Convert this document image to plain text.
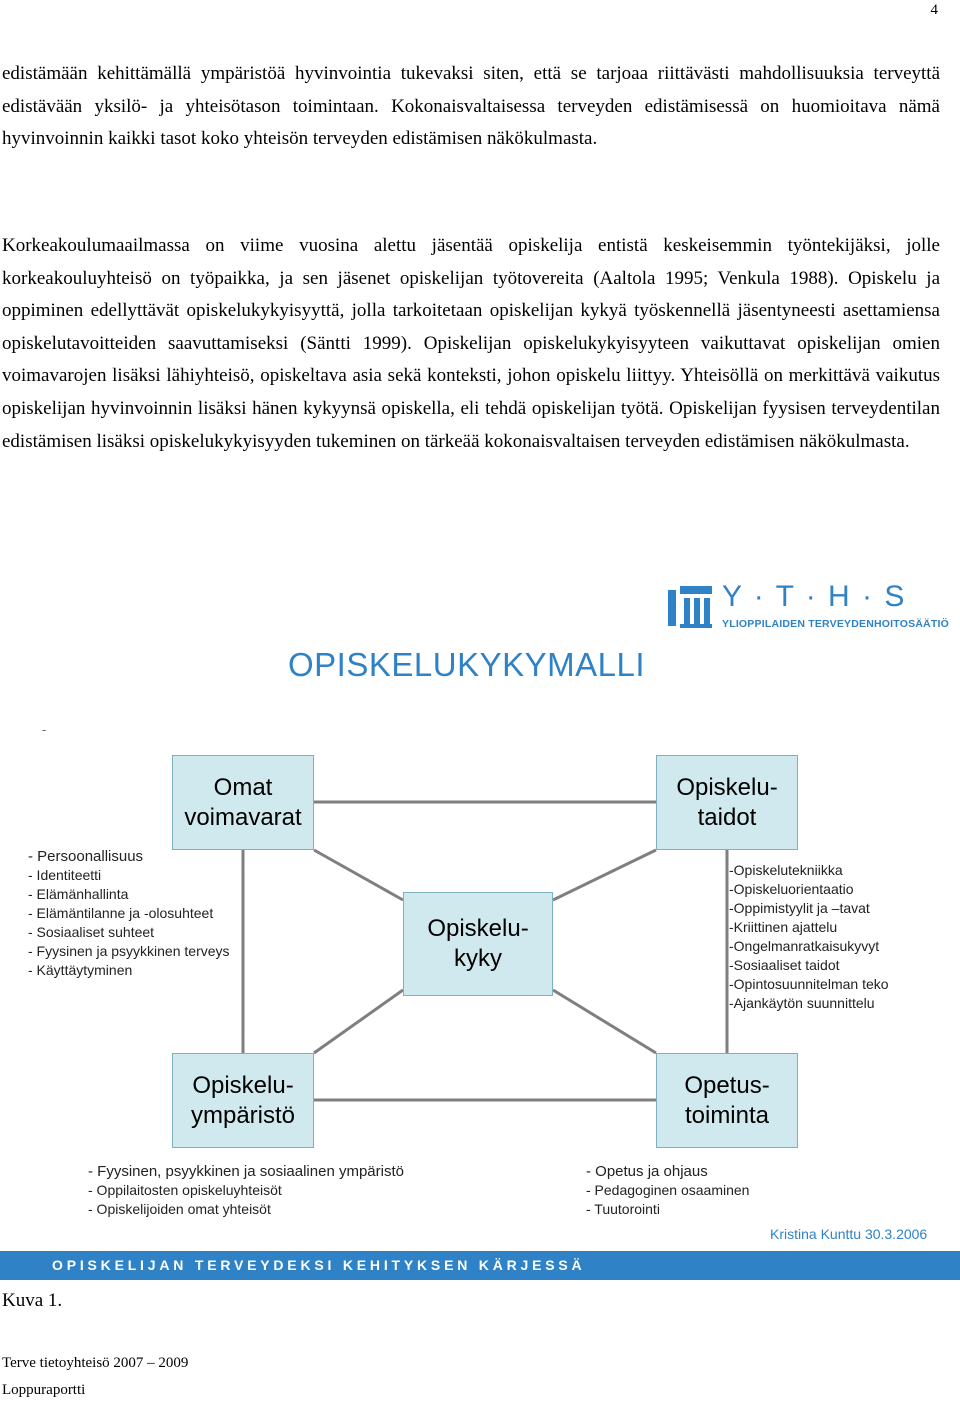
4

edistämään kehittämällä ympäristöä hyvinvointia tukevaksi siten, että se tarjoaa riittävästi mahdollisuuksia terveyttä edistävään yksilö- ja yhteisötason toimintaan. Kokonaisvaltaisessa terveyden edistämisessä on huomioitava nämä hyvinvoinnin kaikki tasot koko yhteisön terveyden edistämisen näkökulmasta.

Korkeakoulumaailmassa on viime vuosina alettu jäsentää opiskelija entistä keskeisemmin työntekijäksi, jolle korkeakouluyhteisö on työpaikka, ja sen jäsenet opiskelijan työtovereita (Aaltola 1995; Venkula 1988). Opiskelu ja oppiminen edellyttävät opiskelukykyisyyttä, jolla tarkoitetaan opiskelijan kykyä työskennellä jäsentyneesti asettamiensa opiskelutavoitteiden saavuttamiseksi (Säntti 1999). Opiskelijan opiskelukykyisyyteen vaikuttavat opiskelijan omien voimavarojen lisäksi lähiyhteisö, opiskeltava asia sekä konteksti, johon opiskelu liittyy. Yhteisöllä on merkittävä vaikutus opiskelijan hyvinvoinnin lisäksi hänen kykyynsä opiskella, eli tehdä opiskelijan työtä. Opiskelijan fyysisen terveydentilan edistämisen lisäksi opiskelukykyisyyden tukeminen on tärkeää kokonaisvaltaisen terveyden edistämisen näkökulmasta.

Y · T · H · S
YLIOPPILAIDEN TERVEYDENHOITOSÄÄTIÖ
OPISKELUKYKYMALLI
-
Omat
voimavarat
Opiskelu-
taidot
Opiskelu-
kyky
Opiskelu-
ympäristö
Opetus-
toiminta
- Persoonallisuus
- Identiteetti
- Elämänhallinta
- Elämäntilanne ja -olosuhteet
- Sosiaaliset suhteet
- Fyysinen ja psyykkinen terveys
- Käyttäytyminen
-Opiskelutekniikka
-Opiskeluorientaatio
-Oppimistyylit ja –tavat
-Kriittinen ajattelu
-Ongelmanratkaisukyvyt
-Sosiaaliset taidot
-Opintosuunnitelman teko
-Ajankäytön suunnittelu
- Fyysinen, psyykkinen ja sosiaalinen ympäristö
- Oppilaitosten opiskeluyhteisöt
- Opiskelijoiden omat yhteisöt
- Opetus ja ohjaus
- Pedagoginen osaaminen
- Tuutorointi
Kristina Kunttu 30.3.2006
OPISKELIJAN TERVEYDEKSI KEHITYKSEN KÄRJESSÄ
Kuva 1.
Terve tietoyhteisö 2007 – 2009
Loppuraportti
